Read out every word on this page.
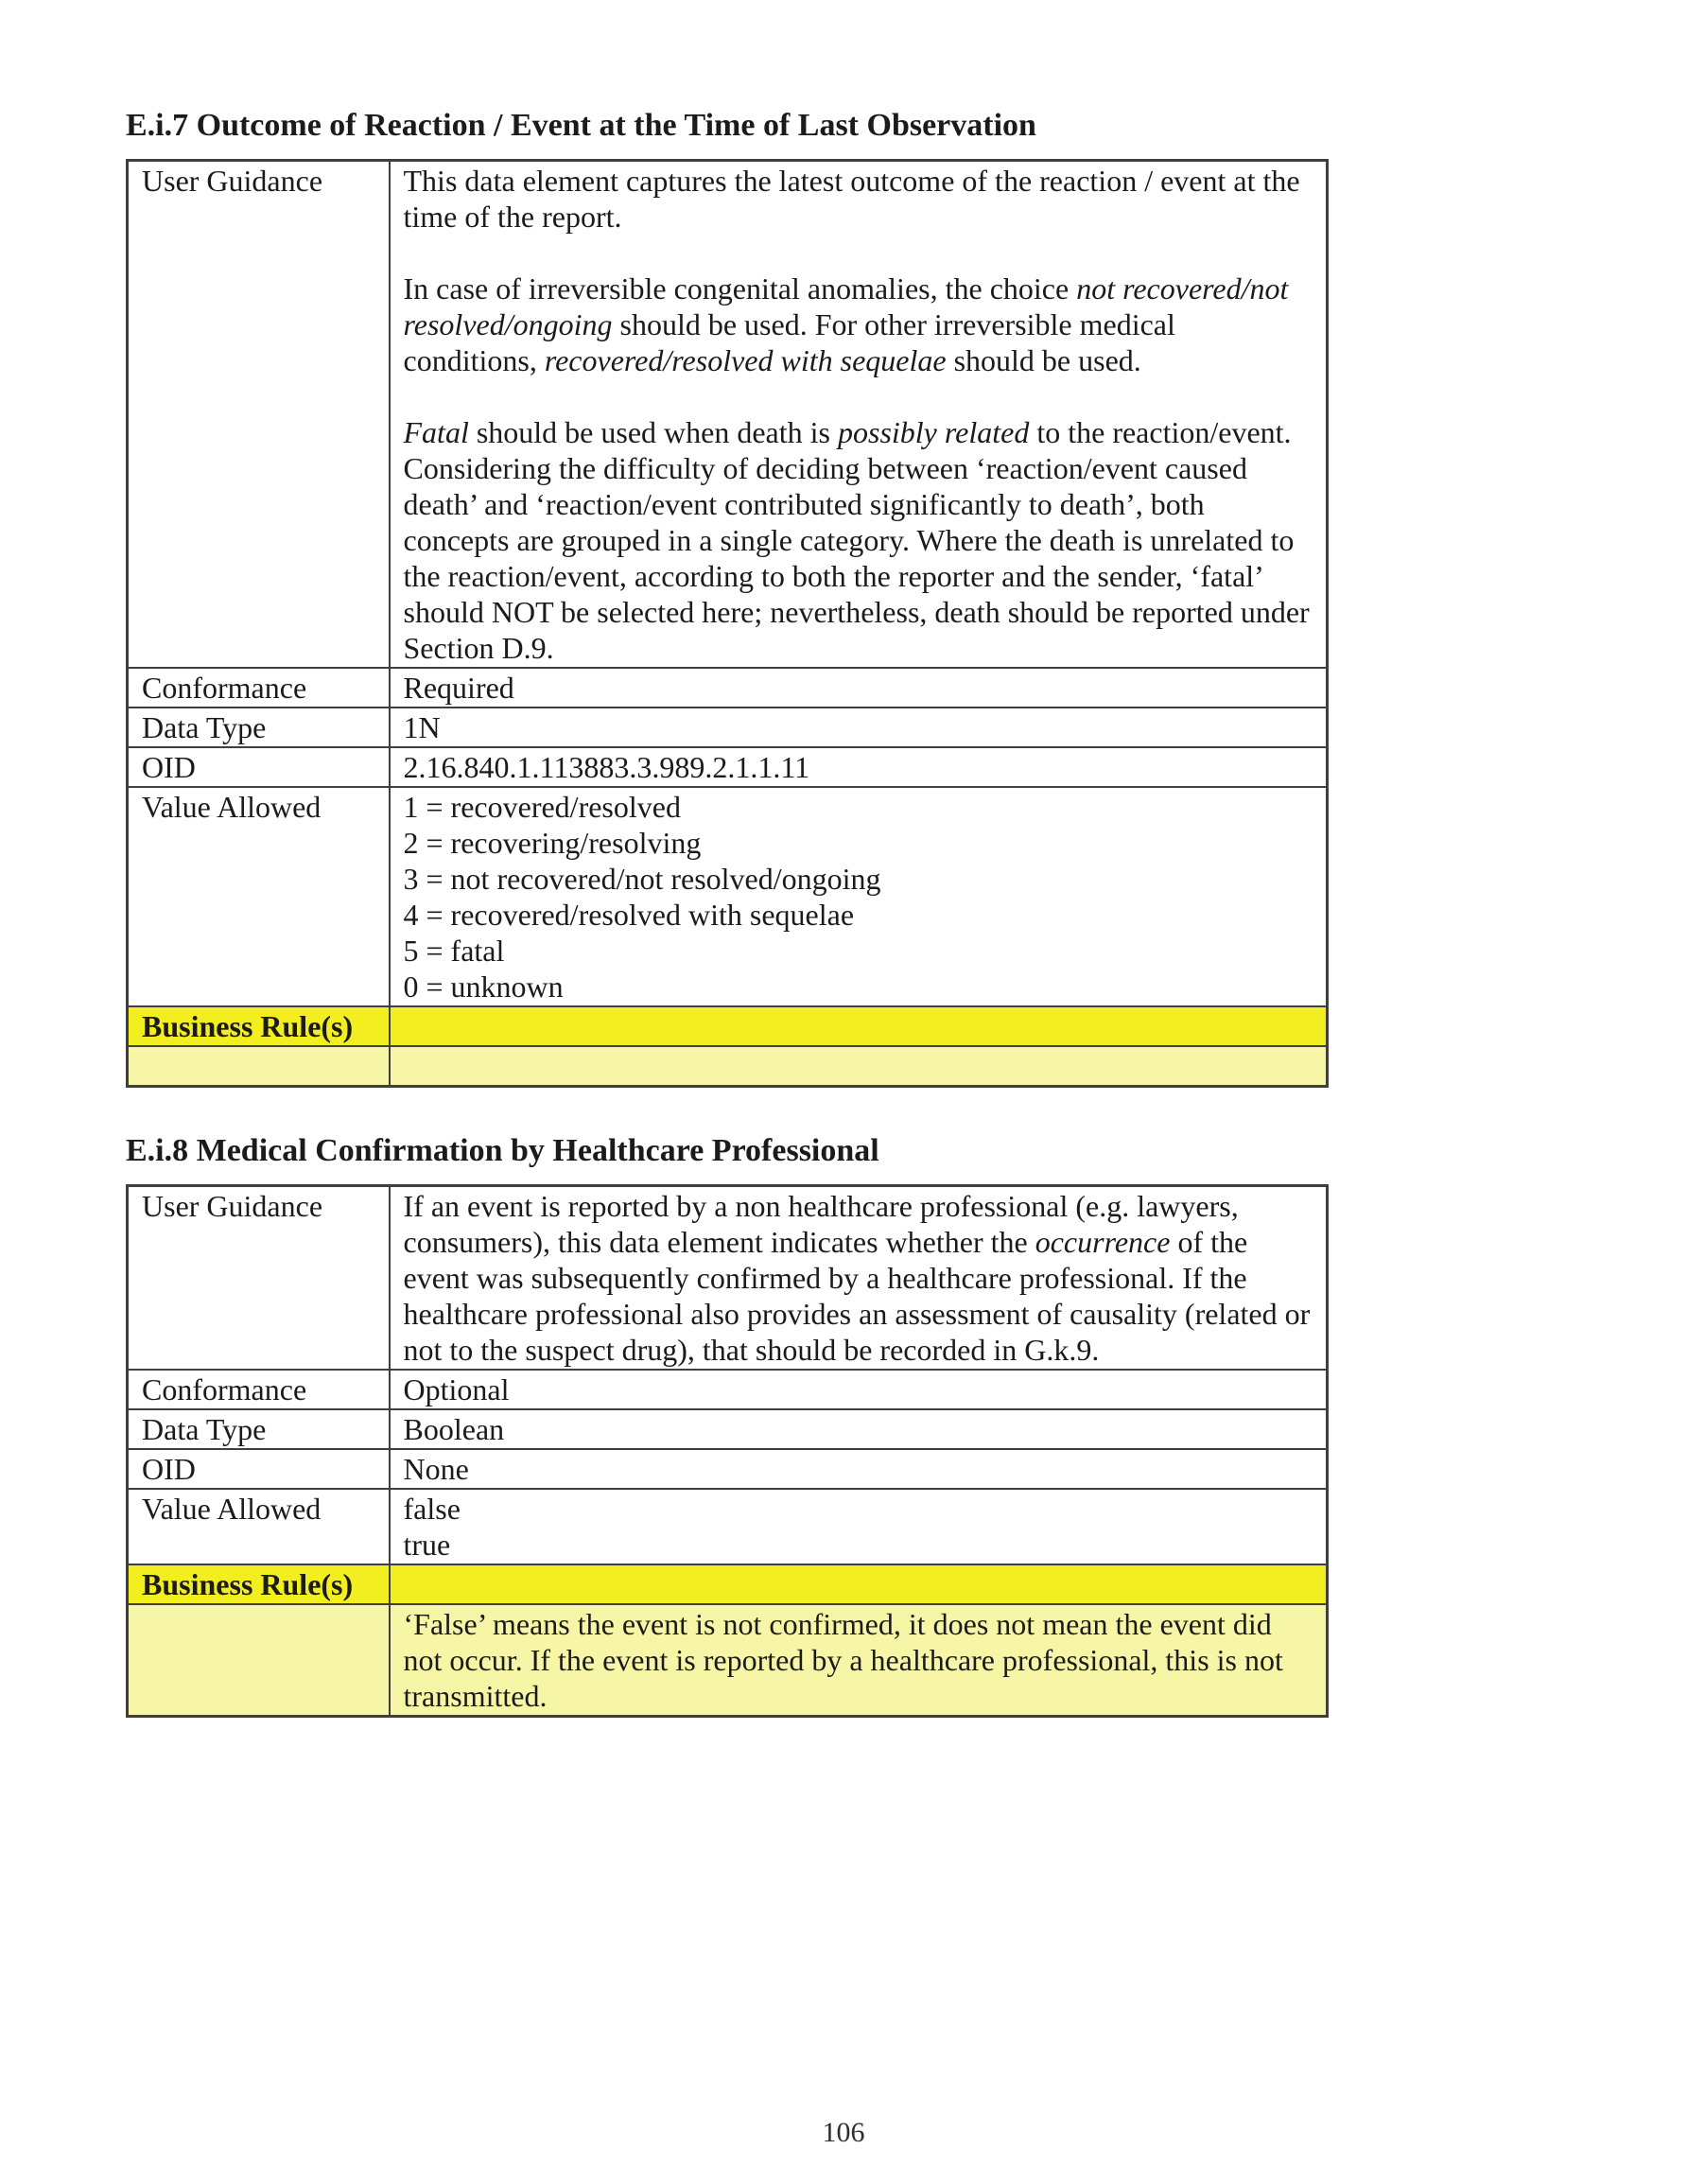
E.i.7 Outcome of Reaction / Event at the Time of Last Observation
User Guidance	This data element captures the latest outcome of the reaction / event at the time of the report.

In case of irreversible congenital anomalies, the choice not recovered/not resolved/ongoing should be used. For other irreversible medical conditions, recovered/resolved with sequelae should be used.

Fatal should be used when death is possibly related to the reaction/event. Considering the difficulty of deciding between ‘reaction/event caused death’ and ‘reaction/event contributed significantly to death’, both concepts are grouped in a single category. Where the death is unrelated to the reaction/event, according to both the reporter and the sender, ‘fatal’ should NOT be selected here; nevertheless, death should be reported under Section D.9.

Conformance	Required
Data Type	1N
OID	2.16.840.1.113883.3.989.2.1.1.11
Value Allowed	1 = recovered/resolved
2 = recovering/resolving
3 = not recovered/not resolved/ongoing
4 = recovered/resolved with sequelae
5 = fatal
0 = unknown

Business Rule(s)	

E.i.8 Medical Confirmation by Healthcare Professional
User Guidance	If an event is reported by a non healthcare professional (e.g. lawyers, consumers), this data element indicates whether the occurrence of the event was subsequently confirmed by a healthcare professional. If the healthcare professional also provides an assessment of causality (related or not to the suspect drug), that should be recorded in G.k.9.

Conformance	Optional
Data Type	Boolean
OID	None
Value Allowed	false
true

Business Rule(s)	
	‘False’ means the event is not confirmed, it does not mean the event did not occur. If the event is reported by a healthcare professional, this is not transmitted.
106
